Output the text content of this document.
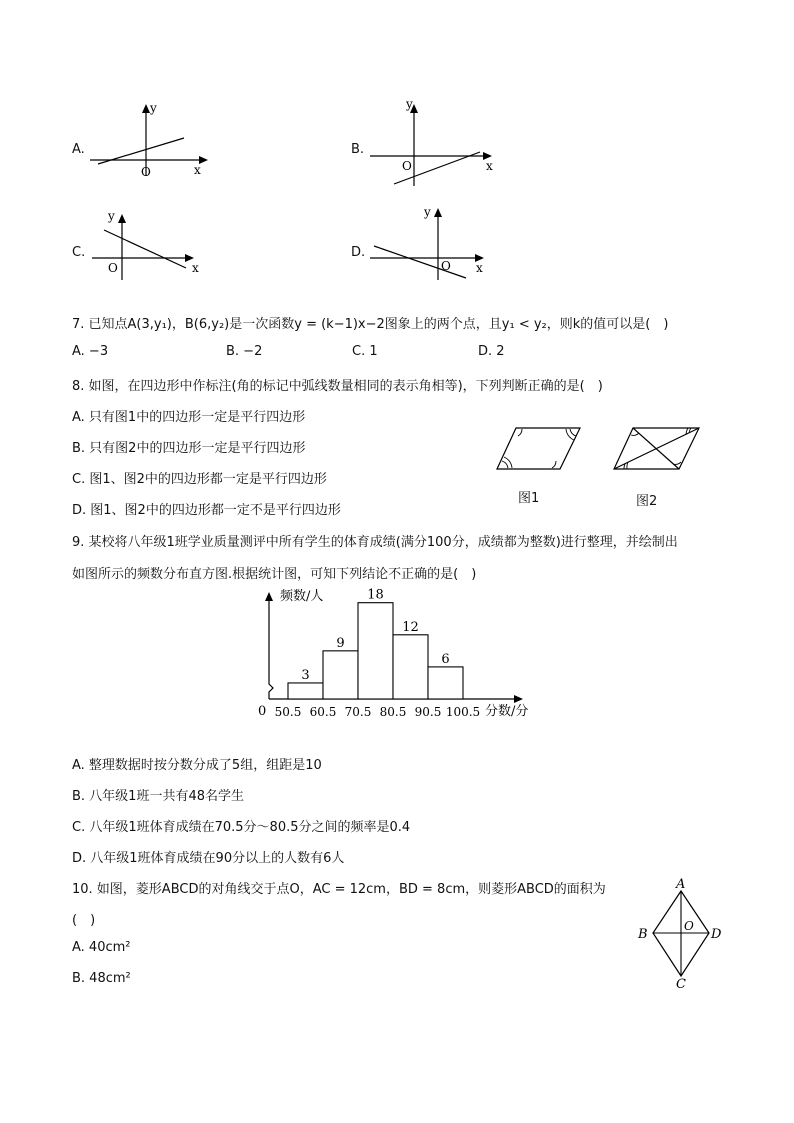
A.
y
x
O
B.
y
x
O
C.
y
x
O
D.
y
x
O
7. 已知点A(3,y₁)，B(6,y₂)是一次函数y = (k−1)x−2图象上的两个点，且y₁ < y₂，则k的值可以是(　)
A. −3	B. −2	C. 1	D. 2
8. 如图，在四边形中作标注(角的标记中弧线数量相同的表示角相等)，下列判断正确的是(　)
A. 只有图1中的四边形一定是平行四边形
B. 只有图2中的四边形一定是平行四边形
C. 图1、图2中的四边形都一定是平行四边形
D. 图1、图2中的四边形都一定不是平行四边形
图1	图2
9. 某校将八年级1班学业质量测评中所有学生的体育成绩(满分100分，成绩都为整数)进行整理，并绘制出
如图所示的频数分布直方图.根据统计图，可知下列结论不正确的是(　)
频数/人
分数/分
0
3
9
18
12
6
50.5 60.5 70.5 80.5 90.5 100.5
A. 整理数据时按分数分成了5组，组距是10
B. 八年级1班一共有48名学生
C. 八年级1班体育成绩在70.5分～80.5分之间的频率是0.4
D. 八年级1班体育成绩在90分以上的人数有6人
10. 如图，菱形ABCD的对角线交于点O，AC = 12cm，BD = 8cm，则菱形ABCD的面积为
(　)
A. 40cm²
B. 48cm²
A
B
C
D
O
